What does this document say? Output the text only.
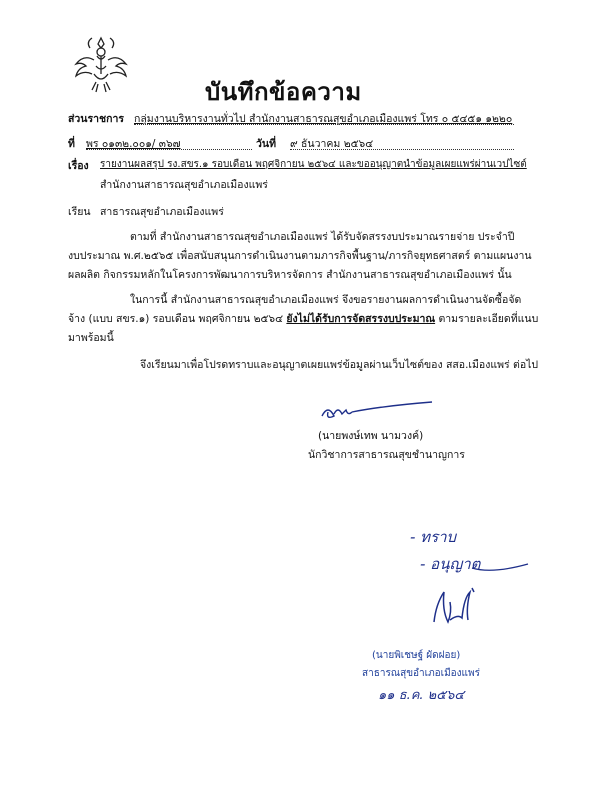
บันทึกข้อความ
ส่วนราชการ กลุ่มงานบริหารงานทั่วไป สำนักงานสาธารณสุขอำเภอเมืองแพร่ โทร ๐ ๕๔๕๑ ๑๒๒๐
ที่ พร ๐๑๓๒.๐๐๑/ ๓๖๗	วันที่ ๙ ธันวาคม ๒๕๖๔
เรื่อง รายงานผลสรุป รง.สขร.๑ รอบเดือน พฤศจิกายน ๒๕๖๔ และขออนุญาตนำข้อมูลเผยแพร่ผ่านเวปไซต์
สำนักงานสาธารณสุขอำเภอเมืองแพร่
เรียน สาธารณสุขอำเภอเมืองแพร่
ตามที่ สำนักงานสาธารณสุขอำเภอเมืองแพร่ ได้รับจัดสรรงบประมาณรายจ่าย ประจำปี
งบประมาณ พ.ศ.๒๕๖๕ เพื่อสนับสนุนการดำเนินงานตามภารกิจพื้นฐาน/ภารกิจยุทธศาสตร์ ตามแผนงาน
ผลผลิต กิจกรรมหลักในโครงการพัฒนาการบริหารจัดการ สำนักงานสาธารณสุขอำเภอเมืองแพร่ นั้น
ในการนี้ สำนักงานสาธารณสุขอำเภอเมืองแพร่ จึงขอรายงานผลการดำเนินงานจัดซื้อจัด
จ้าง (แบบ สขร.๑) รอบเดือน พฤศจิกายน ๒๕๖๔ ยังไม่ได้รับการจัดสรรงบประมาณ ตามรายละเอียดที่แนบ
มาพร้อมนี้
จึงเรียนมาเพื่อโปรดทราบและอนุญาตเผยแพร่ข้อมูลผ่านเว็บไซต์ของ สสอ.เมืองแพร่ ต่อไป
(นายพงษ์เทพ นามวงค์)
นักวิชาการสาธารณสุขชำนาญการ
- ทราบ
- อนุญาต
(นายพิเชษฐ์ ผัดฝอย)
สาธารณสุขอำเภอเมืองแพร่
๑๑ ธ.ค. ๒๕๖๔
